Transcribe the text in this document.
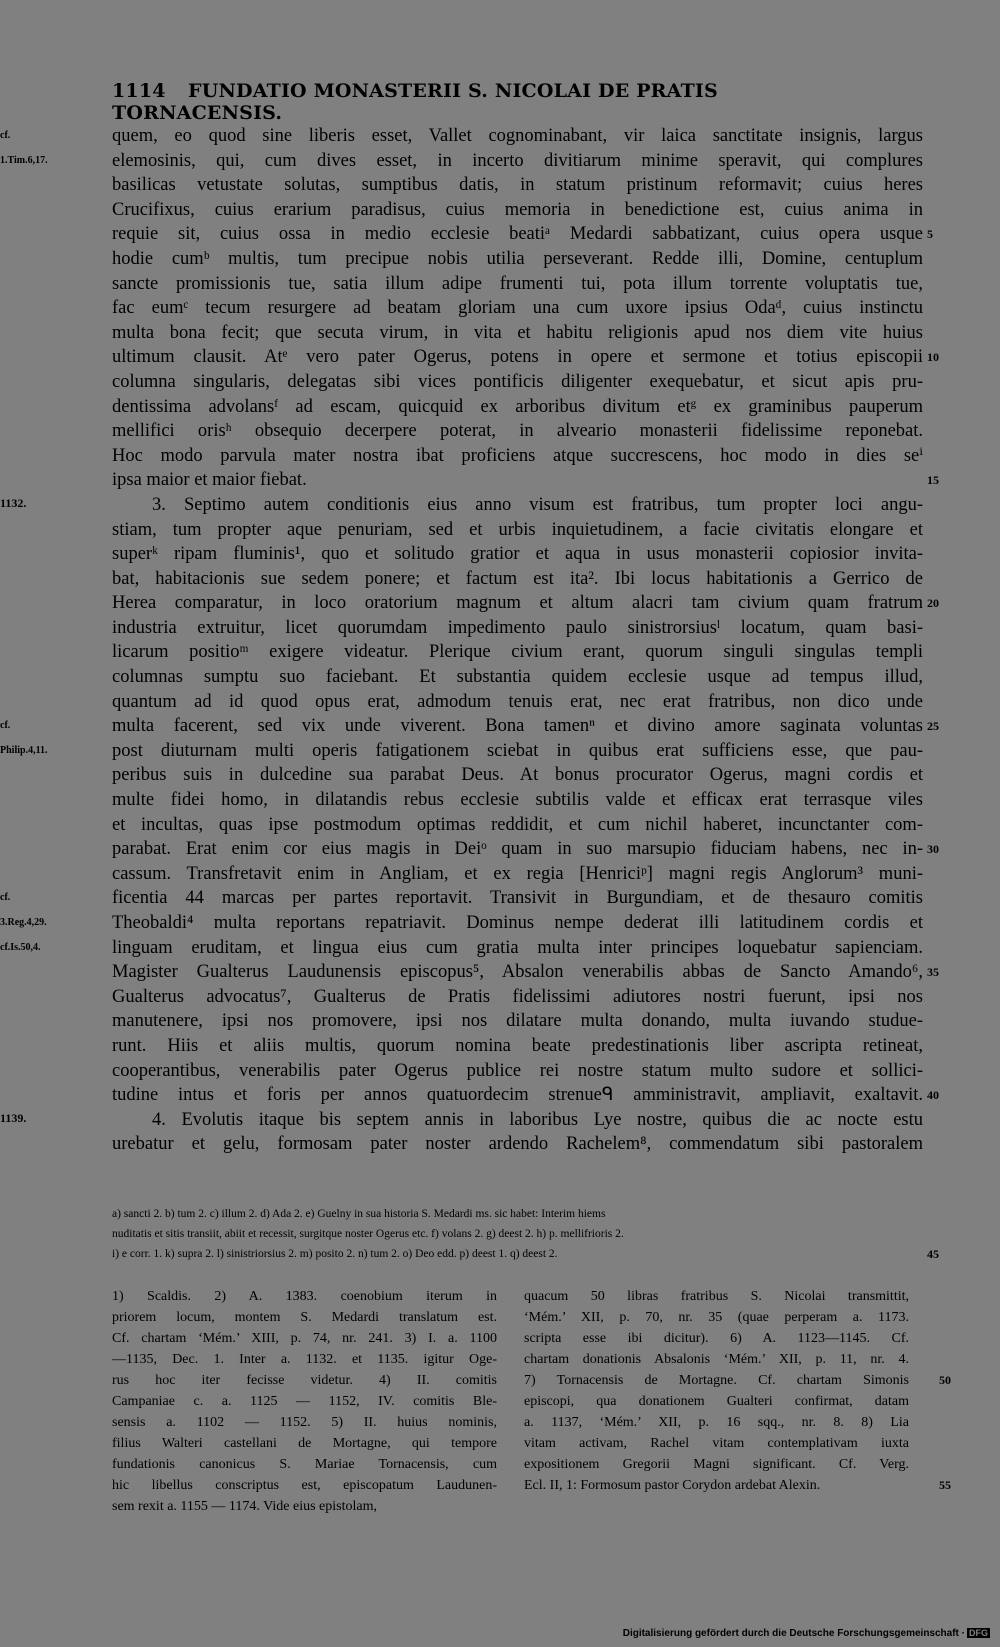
1114 FUNDATIO MONASTERII S. NICOLAI DE PRATIS TORNACENSIS.
quem, eo quod sine liberis esset, Vallet cognominabant, vir laica sanctitate insignis, largus
cf.
elemosinis, qui, cum dives esset, in incerto divitiarum minime speravit, qui complures
1.Tim.6,17.
basilicas vetustate solutas, sumptibus datis, in statum pristinum reformavit; cuius heres
Crucifixus, cuius erarium paradisus, cuius memoria in benedictione est, cuius anima in
requie sit, cuius ossa in medio ecclesie beatiᵃ Medardi sabbatizant, cuius opera usque 5
hodie cumᵇ multis, tum precipue nobis utilia perseverant. Redde illi, Domine, centuplum
sancte promissionis tue, satia illum adipe frumenti tui, pota illum torrente voluptatis tue,
fac eumᶜ tecum resurgere ad beatam gloriam una cum uxore ipsius Odaᵈ, cuius instinctu
multa bona fecit; que secuta virum, in vita et habitu religionis apud nos diem vite huius
ultimum clausit. Atᵉ vero pater Ogerus, potens in opere et sermone et totius episcopii 10
columna singularis, delegatas sibi vices pontificis diligenter exequebatur, et sicut apis pru-
dentissima advolansᶠ ad escam, quicquid ex arboribus divitum etᵍ ex graminibus pauperum
mellifici orisʰ obsequio decerpere poterat, in alveario monasterii fidelissime reponebat.
Hoc modo parvula mater nostra ibat proficiens atque succrescens, hoc modo in dies seⁱ
ipsa maior et maior fiebat.	15
3. Septimo autem conditionis eius anno visum est fratribus, tum propter loci angu-
1132.
stiam, tum propter aque penuriam, sed et urbis inquietudinem, a facie civitatis elongare et
superᵏ ripam fluminis¹, quo et solitudo gratior et aqua in usus monasterii copiosior invita-
bat, habitacionis sue sedem ponere; et factum est ita². Ibi locus habitationis a Gerrico de
Herea comparatur, in loco oratorium magnum et altum alacri tam civium quam fratrum 20
industria extruitur, licet quorumdam impedimento paulo sinistrorsiusˡ locatum, quam basi-
licarum positioᵐ exigere videatur. Plerique civium erant, quorum singuli singulas templi
columnas sumptu suo faciebant. Et substantia quidem ecclesie usque ad tempus illud,
quantum ad id quod opus erat, admodum tenuis erat, nec erat fratribus, non dico unde
multa facerent, sed vix unde viverent. Bona tamenⁿ et divino amore saginata voluntas 25
cf.
post diuturnam multi operis fatigationem sciebat in quibus erat sufficiens esse, que pau-
Philip.4,11.
peribus suis in dulcedine sua parabat Deus. At bonus procurator Ogerus, magni cordis et
multe fidei homo, in dilatandis rebus ecclesie subtilis valde et efficax erat terrasque viles
et incultas, quas ipse postmodum optimas reddidit, et cum nichil haberet, incunctanter com-
parabat. Erat enim cor eius magis in Deiᵒ quam in suo marsupio fiduciam habens, nec in- 30
cassum. Transfretavit enim in Angliam, et ex regia [Henriciᵖ] magni regis Anglorum³ muni-
ficentia 44 marcas per partes reportavit. Transivit in Burgundiam, et de thesauro comitis
cf.
Theobaldi⁴ multa reportans repatriavit. Dominus nempe dederat illi latitudinem cordis et
3.Reg.4,29.
linguam eruditam, et lingua eius cum gratia multa inter principes loquebatur sapienciam.
cf.Is.50,4.
Magister Gualterus Laudunensis episcopus⁵, Absalon venerabilis abbas de Sancto Amando⁶, 35
Gualterus advocatus⁷, Gualterus de Pratis fidelissimi adiutores nostri fuerunt, ipsi nos
manutenere, ipsi nos promovere, ipsi nos dilatare multa donando, multa iuvando studue-
runt. Hiis et aliis multis, quorum nomina beate predestinationis liber ascripta retineat,
cooperantibus, venerabilis pater Ogerus publice rei nostre statum multo sudore et sollici-
tudine intus et foris per annos quatuordecim strenueᑫ amministravit, ampliavit, exaltavit. 40
4. Evolutis itaque bis septem annis in laboribus Lye nostre, quibus die ac nocte estu
1139.
urebatur et gelu, formosam pater noster ardendo Rachelem⁸, commendatum sibi pastoralem
a) sancti 2. b) tum 2. c) illum 2. d) Ada 2. e) Guelny in sua historia S. Medardi ms. sic habet: Interim hiems
nuditatis et sitis transiit, abiit et recessit, surgitque noster Ogerus etc. f) volans 2. g) deest 2. h) p. mellifrioris 2.
i) e corr. 1. k) supra 2. l) sinistriorsius 2. m) posito 2. n) tum 2. o) Deo edd. p) deest 1. q) deest 2.	45
1) Scaldis. 2) A. 1383. coenobium iterum in
priorem locum, montem S. Medardi translatum est.
Cf. chartam ‘Mém.’ XIII, p. 74, nr. 241. 3) I. a. 1100
—1135, Dec. 1. Inter a. 1132. et 1135. igitur Oge-
rus hoc iter fecisse videtur. 4) II. comitis
Campaniae c. a. 1125 — 1152, IV. comitis Ble-
sensis a. 1102 — 1152. 5) II. huius nominis,
filius Walteri castellani de Mortagne, qui tempore
fundationis canonicus S. Mariae Tornacensis, cum
hic libellus conscriptus est, episcopatum Laudunen-
sem rexit a. 1155 — 1174. Vide eius epistolam,
quacum 50 libras fratribus S. Nicolai transmittit,
‘Mém.’ XII, p. 70, nr. 35 (quae perperam a. 1173.
scripta esse ibi dicitur). 6) A. 1123—1145. Cf.
chartam donationis Absalonis ‘Mém.’ XII, p. 11, nr. 4.
7) Tornacensis de Mortagne. Cf. chartam Simonis	50
episcopi, qua donationem Gualteri confirmat, datam
a. 1137, ‘Mém.’ XII, p. 16 sqq., nr. 8. 8) Lia
vitam activam, Rachel vitam contemplativam iuxta
expositionem Gregorii Magni significant. Cf. Verg.
Ecl. II, 1: Formosum pastor Corydon ardebat Alexin.	55
Digitalisierung gefördert durch die Deutsche Forschungsgemeinschaft · DFG
